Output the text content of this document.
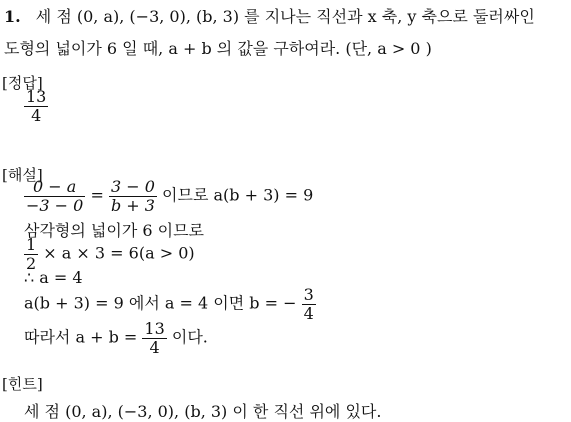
1. 세 점 (0, a), (−3, 0), (b, 3) 를 지나는 직선과 x 축, y 축으로 둘러싸인
도형의 넓이가 6 일 때, a + b 의 값을 구하여라. (단, a > 0 )
[정답]
$\frac{13}{4}$
[해설]
$\frac{0 - a}{-3 - 0} = \frac{3 - 0}{b + 3}$ 이므로 a(b + 3) = 9
삼각형의 넓이가 6 이므로
$\frac{1}{2} \times a \times 3 = 6(a > 0)$
∴ a = 4
a(b + 3) = 9 에서 a = 4 이면 b = − $\frac{3}{4}$
따라서 $a + b = \frac{13}{4}$ 이다.
[힌트]
세 점 (0, a), (−3, 0), (b, 3) 이 한 직선 위에 있다.
